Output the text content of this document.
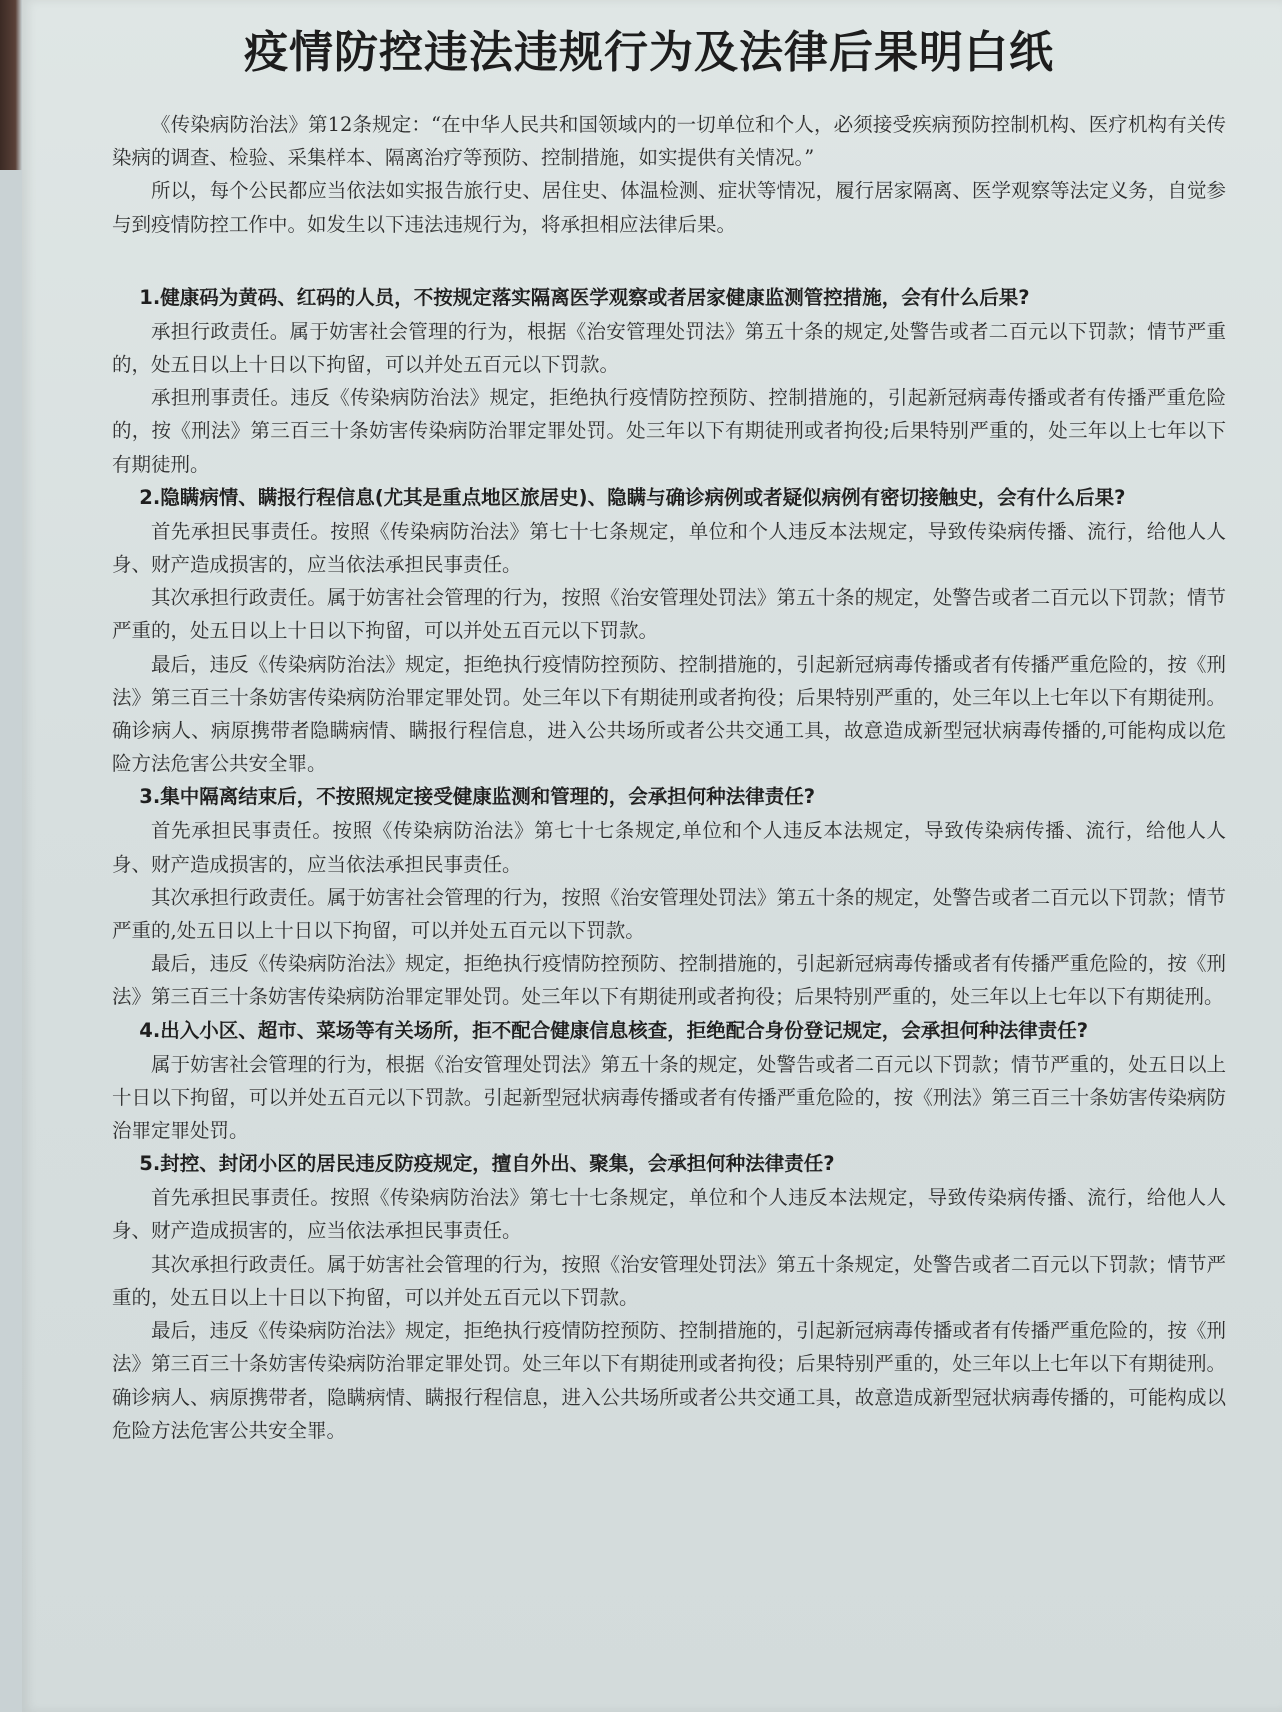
疫情防控违法违规行为及法律后果明白纸

《传染病防治法》第12条规定：“在中华人民共和国领域内的一切单位和个人，必须接受疾病预防控制机构、医疗机构有关传染病的调查、检验、采集样本、隔离治疗等预防、控制措施，如实提供有关情况。”

所以，每个公民都应当依法如实报告旅行史、居住史、体温检测、症状等情况，履行居家隔离、医学观察等法定义务，自觉参与到疫情防控工作中。如发生以下违法违规行为，将承担相应法律后果。

1.健康码为黄码、红码的人员，不按规定落实隔离医学观察或者居家健康监测管控措施，会有什么后果?

承担行政责任。属于妨害社会管理的行为，根据《治安管理处罚法》第五十条的规定,处警告或者二百元以下罚款；情节严重的，处五日以上十日以下拘留，可以并处五百元以下罚款。

承担刑事责任。违反《传染病防治法》规定，拒绝执行疫情防控预防、控制措施的，引起新冠病毒传播或者有传播严重危险的，按《刑法》第三百三十条妨害传染病防治罪定罪处罚。处三年以下有期徒刑或者拘役;后果特别严重的，处三年以上七年以下有期徒刑。

2.隐瞒病情、瞒报行程信息(尤其是重点地区旅居史)、隐瞒与确诊病例或者疑似病例有密切接触史，会有什么后果?

首先承担民事责任。按照《传染病防治法》第七十七条规定，单位和个人违反本法规定，导致传染病传播、流行，给他人人身、财产造成损害的，应当依法承担民事责任。

其次承担行政责任。属于妨害社会管理的行为，按照《治安管理处罚法》第五十条的规定，处警告或者二百元以下罚款；情节严重的，处五日以上十日以下拘留，可以并处五百元以下罚款。

最后，违反《传染病防治法》规定，拒绝执行疫情防控预防、控制措施的，引起新冠病毒传播或者有传播严重危险的，按《刑法》第三百三十条妨害传染病防治罪定罪处罚。处三年以下有期徒刑或者拘役；后果特别严重的，处三年以上七年以下有期徒刑。确诊病人、病原携带者隐瞒病情、瞒报行程信息，进入公共场所或者公共交通工具，故意造成新型冠状病毒传播的,可能构成以危险方法危害公共安全罪。

3.集中隔离结束后，不按照规定接受健康监测和管理的，会承担何种法律责任?

首先承担民事责任。按照《传染病防治法》第七十七条规定,单位和个人违反本法规定，导致传染病传播、流行，给他人人身、财产造成损害的，应当依法承担民事责任。

其次承担行政责任。属于妨害社会管理的行为，按照《治安管理处罚法》第五十条的规定，处警告或者二百元以下罚款；情节严重的,处五日以上十日以下拘留，可以并处五百元以下罚款。

最后，违反《传染病防治法》规定，拒绝执行疫情防控预防、控制措施的，引起新冠病毒传播或者有传播严重危险的，按《刑法》第三百三十条妨害传染病防治罪定罪处罚。处三年以下有期徒刑或者拘役；后果特别严重的，处三年以上七年以下有期徒刑。

4.出入小区、超市、菜场等有关场所，拒不配合健康信息核查，拒绝配合身份登记规定，会承担何种法律责任?

属于妨害社会管理的行为，根据《治安管理处罚法》第五十条的规定，处警告或者二百元以下罚款；情节严重的，处五日以上十日以下拘留，可以并处五百元以下罚款。引起新型冠状病毒传播或者有传播严重危险的，按《刑法》第三百三十条妨害传染病防治罪定罪处罚。

5.封控、封闭小区的居民违反防疫规定，擅自外出、聚集，会承担何种法律责任?

首先承担民事责任。按照《传染病防治法》第七十七条规定，单位和个人违反本法规定，导致传染病传播、流行，给他人人身、财产造成损害的，应当依法承担民事责任。

其次承担行政责任。属于妨害社会管理的行为，按照《治安管理处罚法》第五十条规定，处警告或者二百元以下罚款；情节严重的，处五日以上十日以下拘留，可以并处五百元以下罚款。

最后，违反《传染病防治法》规定，拒绝执行疫情防控预防、控制措施的，引起新冠病毒传播或者有传播严重危险的，按《刑法》第三百三十条妨害传染病防治罪定罪处罚。处三年以下有期徒刑或者拘役；后果特别严重的，处三年以上七年以下有期徒刑。确诊病人、病原携带者，隐瞒病情、瞒报行程信息，进入公共场所或者公共交通工具，故意造成新型冠状病毒传播的，可能构成以危险方法危害公共安全罪。
